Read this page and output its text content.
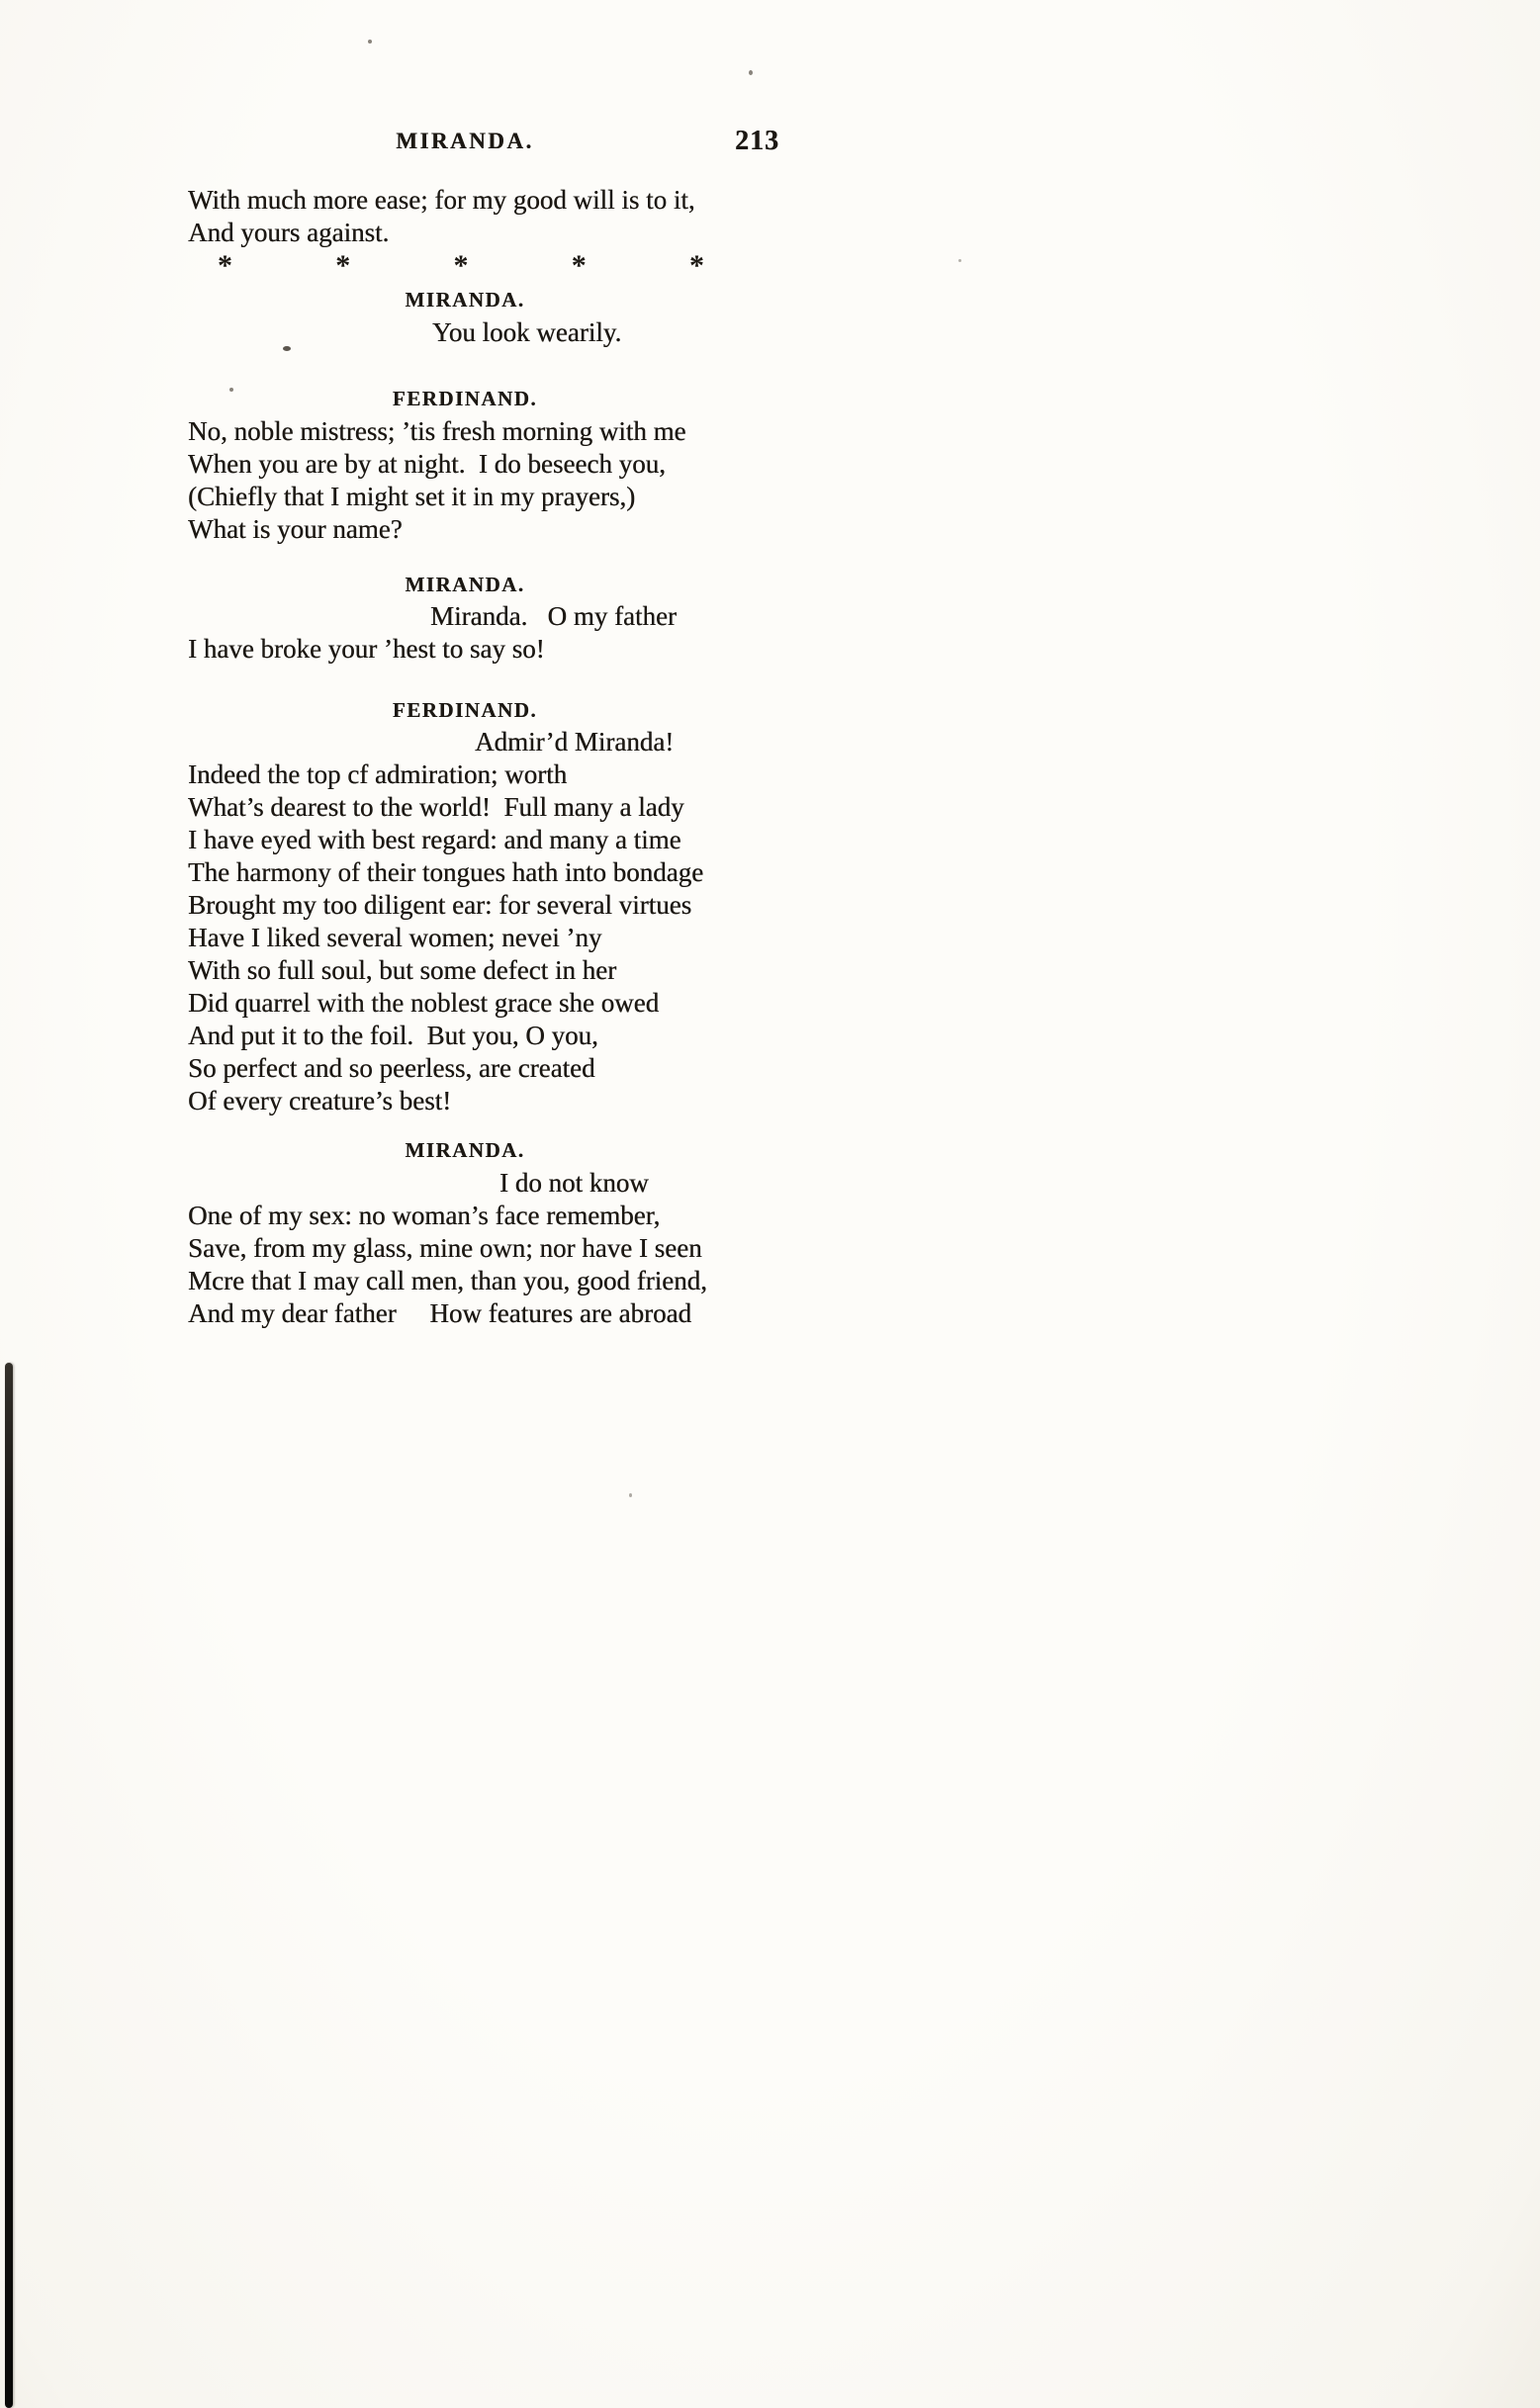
MIRANDA.	213
With much more ease; for my good will is to it,
And yours against.
*	*	*	*	*
MIRANDA.
You look wearily.
FERDINAND.
No, noble mistress; ’tis fresh morning with me
When you are by at night.  I do beseech you,
(Chiefly that I might set it in my prayers,)
What is your name?
MIRANDA.
Miranda.   O my father
I have broke your ’hest to say so!
FERDINAND.
Admir’d Miranda!
Indeed the top cf admiration; worth
What’s dearest to the world!  Full many a lady
I have eyed with best regard: and many a time
The harmony of their tongues hath into bondage
Brought my too diligent ear: for several virtues
Have I liked several women; nevei ’ny
With so full soul, but some defect in her
Did quarrel with the noblest grace she owed
And put it to the foil.  But you, O you,
So perfect and so peerless, are created
Of every creature’s best!
MIRANDA.
I do not know
One of my sex: no woman’s face remember,
Save, from my glass, mine own; nor have I seen
Mcre that I may call men, than you, good friend,
And my dear father     How features are abroad
